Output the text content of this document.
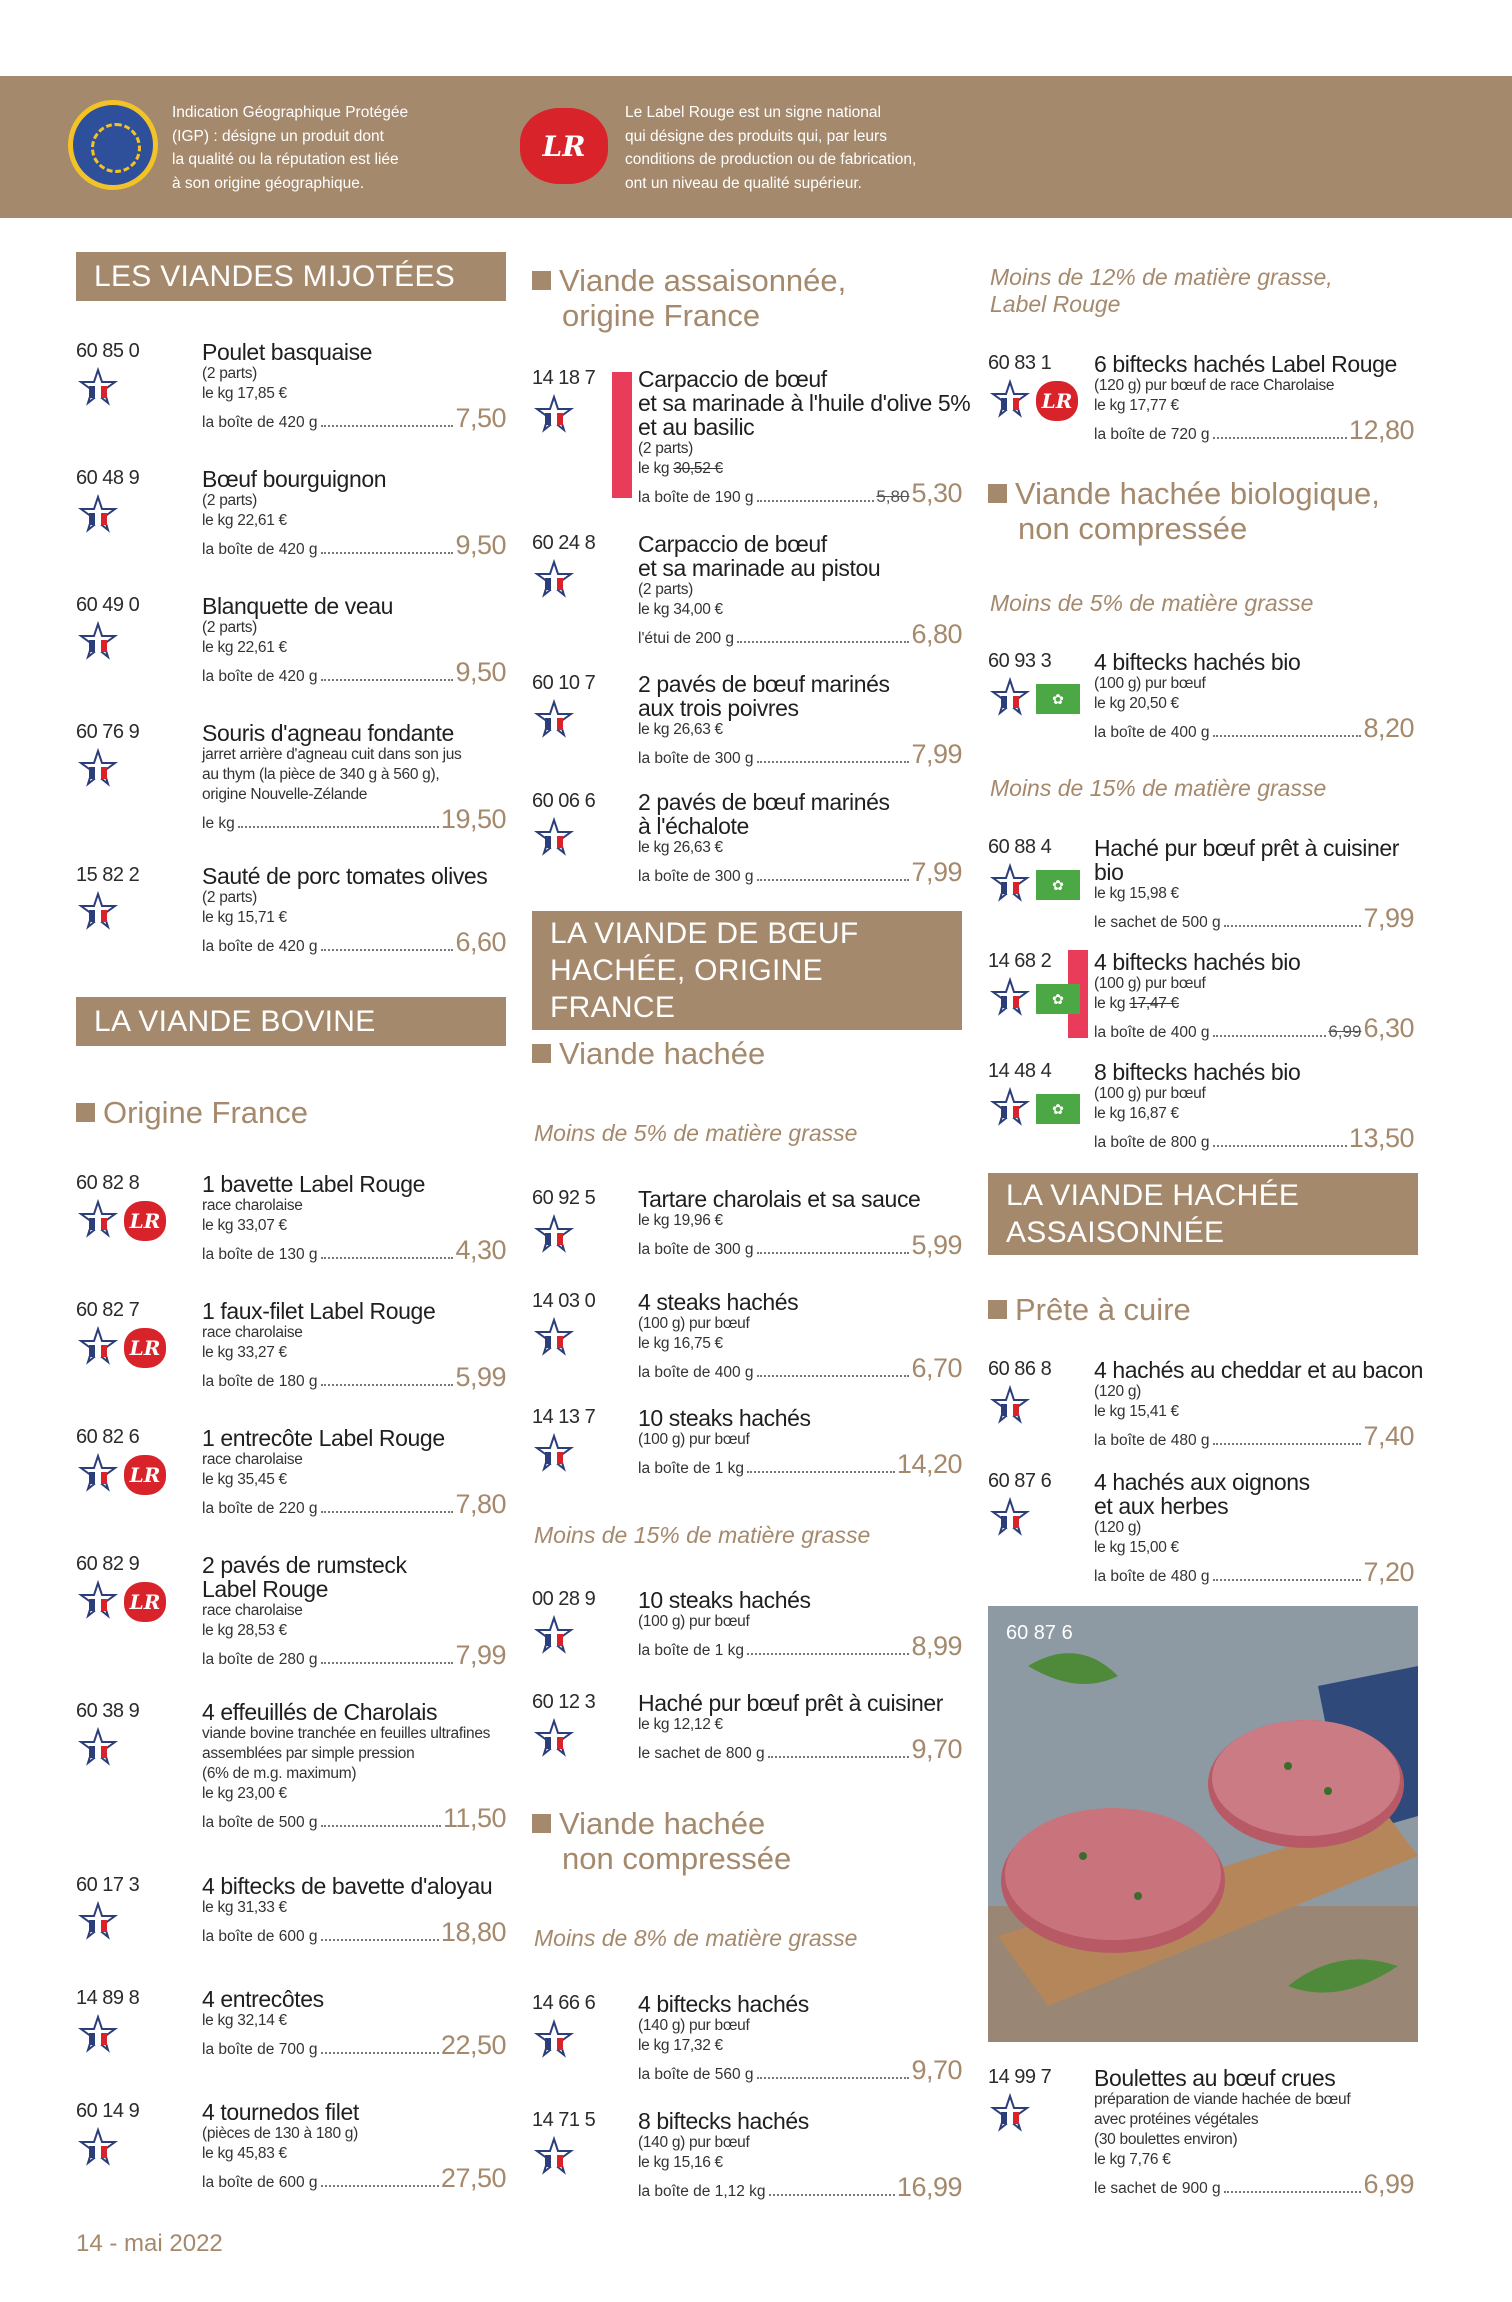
Indication Géographique Protégée
(IGP) : désigne un produit dont
la qualité ou la réputation est liée
à son origine géographique.
LR
Le Label Rouge est un signe national
qui désigne des produits qui, par leurs
conditions de production ou de fabrication,
ont un niveau de qualité supérieur.
LES VIANDES MIJOTÉES
LA VIANDE BOVINE
Origine France
Viande assaisonnée,
origine France
LA VIANDE DE BŒUF
HACHÉE, ORIGINE FRANCE
Viande hachée
Moins de 5% de matière grasse
Moins de 15% de matière grasse
Viande hachée
non compressée
Moins de 8% de matière grasse
Moins de 12% de matière grasse,
Label Rouge
Viande hachée biologique,
non compressée
Moins de 5% de matière grasse
Moins de 15% de matière grasse
LA VIANDE HACHÉE
ASSAISONNÉE
Prête à cuire
60 87 6
14 - mai 2022
60 85 0	Poulet basquaise
(2 parts)
le kg 17,85 €
la boîte de 420 g	7,50
60 48 9	Bœuf bourguignon
(2 parts)
le kg 22,61 €
la boîte de 420 g	9,50
60 49 0	Blanquette de veau
(2 parts)
le kg 22,61 €
la boîte de 420 g	9,50
60 76 9	Souris d'agneau fondante
jarret arrière d'agneau cuit dans son jus
au thym (la pièce de 340 g à 560 g),
origine Nouvelle-Zélande
le kg	19,50
15 82 2	Sauté de porc tomates olives
(2 parts)
le kg 15,71 €
la boîte de 420 g	6,60
60 82 8
LR
1 bavette Label Rouge
race charolaise
le kg 33,07 €
la boîte de 130 g	4,30
60 82 7
LR
1 faux-filet Label Rouge
race charolaise
le kg 33,27 €
la boîte de 180 g	5,99
60 82 6
LR
1 entrecôte Label Rouge
race charolaise
le kg 35,45 €
la boîte de 220 g	7,80
60 82 9
LR
2 pavés de rumsteck
Label Rouge
race charolaise
le kg 28,53 €
la boîte de 280 g	7,99
60 38 9	4 effeuillés de Charolais
viande bovine tranchée en feuilles ultrafines
assemblées par simple pression
(6% de m.g. maximum)
le kg 23,00 €
la boîte de 500 g	11,50
60 17 3	4 biftecks de bavette d'aloyau
le kg 31,33 €
la boîte de 600 g	18,80
14 89 8	4 entrecôtes
le kg 32,14 €
la boîte de 700 g	22,50
60 14 9	4 tournedos filet
(pièces de 130 à 180 g)
le kg 45,83 €
la boîte de 600 g	27,50
14 18 7 Carpaccio de bœuf
et sa marinade à l'huile d'olive 5%
et au basilic
(2 parts)
le kg 30,52 €
la boîte de 190 g	5,80 5,30
60 24 8 Carpaccio de bœuf
et sa marinade au pistou
(2 parts)
le kg 34,00 €
l'étui de 200 g	6,80
60 10 7 2 pavés de bœuf marinés
aux trois poivres
le kg 26,63 €
la boîte de 300 g	7,99
60 06 6 2 pavés de bœuf marinés
à l'échalote
le kg 26,63 €
la boîte de 300 g	7,99
60 92 5 Tartare charolais et sa sauce
le kg 19,96 €
la boîte de 300 g	5,99
14 03 0 4 steaks hachés
(100 g) pur bœuf
le kg 16,75 €
la boîte de 400 g	6,70
14 13 7 10 steaks hachés
(100 g) pur bœuf
la boîte de 1 kg	14,20
00 28 9 10 steaks hachés
(100 g) pur bœuf
la boîte de 1 kg	8,99
60 12 3 Haché pur bœuf prêt à cuisiner
le kg 12,12 €
le sachet de 800 g	9,70
14 66 6 4 biftecks hachés
(140 g) pur bœuf
le kg 17,32 €
la boîte de 560 g	9,70
14 71 5 8 biftecks hachés
(140 g) pur bœuf
le kg 15,16 €
la boîte de 1,12 kg	16,99
60 83 1
LR
6 biftecks hachés Label Rouge
(120 g) pur bœuf de race Charolaise
le kg 17,77 €
la boîte de 720 g	12,80
60 93 3
✿
4 biftecks hachés bio
(100 g) pur bœuf
le kg 20,50 €
la boîte de 400 g	8,20
60 88 4
✿
Haché pur bœuf prêt à cuisiner
bio
le kg 15,98 €
le sachet de 500 g	7,99
14 68 2
✿
4 biftecks hachés bio
(100 g) pur bœuf
le kg 17,47 €
la boîte de 400 g	6,99 6,30
14 48 4
✿
8 biftecks hachés bio
(100 g) pur bœuf
le kg 16,87 €
la boîte de 800 g	13,50
60 86 8 4 hachés au cheddar et au bacon
(120 g)
le kg 15,41 €
la boîte de 480 g	7,40
60 87 6 4 hachés aux oignons
et aux herbes
(120 g)
le kg 15,00 €
la boîte de 480 g	7,20
14 99 7 Boulettes au bœuf crues
préparation de viande hachée de bœuf
avec protéines végétales
(30 boulettes environ)
le kg 7,76 €
le sachet de 900 g	6,99
